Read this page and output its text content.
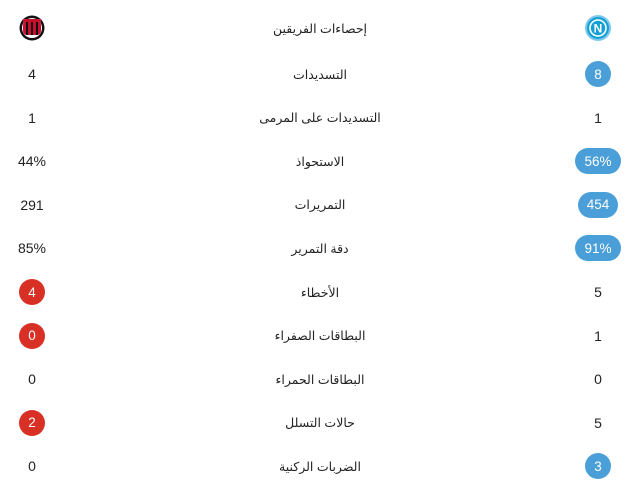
إحصاءات الفريقين	N
4	التسديدات	8
1	التسديدات على المرمى	1
44%	الاستحواذ	56%
291	التمريرات	454
85%	دقة التمرير	91%
4	الأخطاء	5
0	البطاقات الصفراء	1
0	البطاقات الحمراء	0
2	حالات التسلل	5
0	الضربات الركنية	3
